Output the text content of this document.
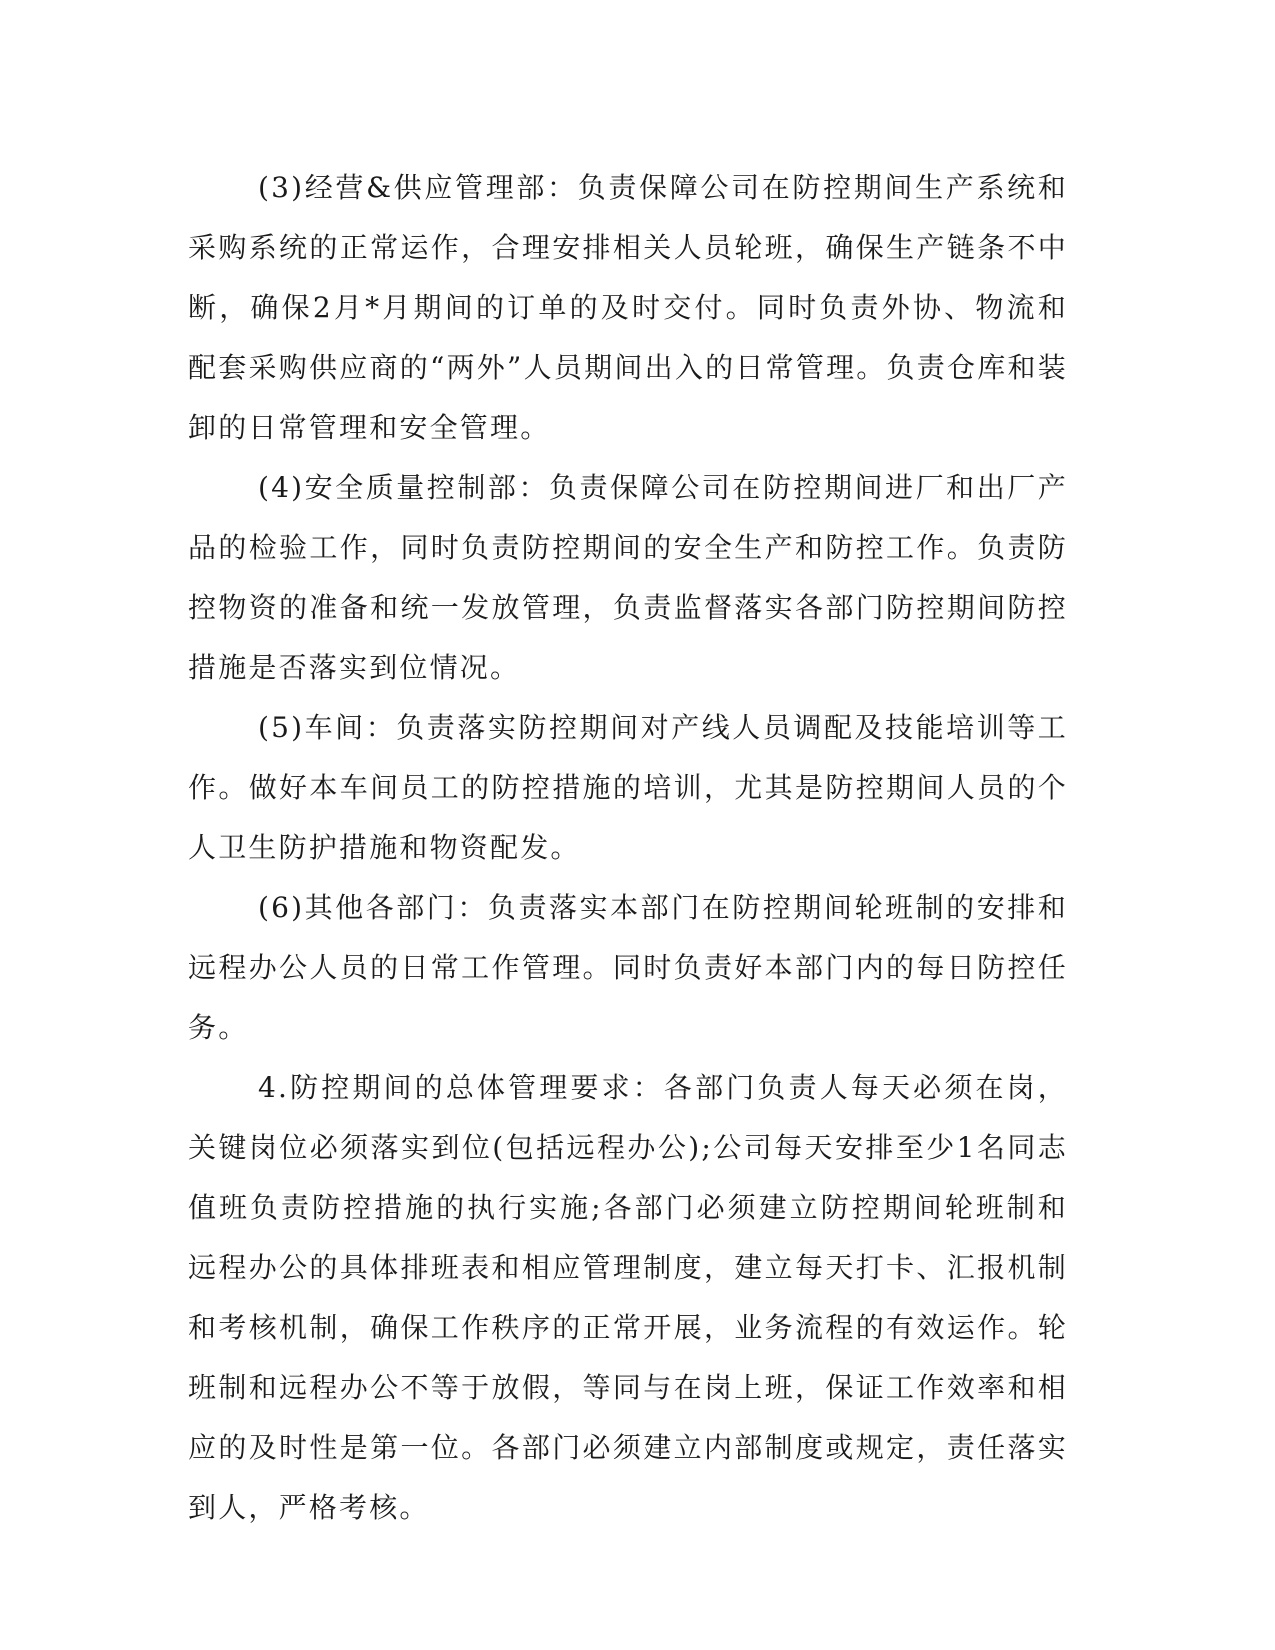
(3)经营&供应管理部：负责保障公司在防控期间生产系统和采购系统的正常运作，合理安排相关人员轮班，确保生产链条不中断，确保2月*月期间的订单的及时交付。同时负责外协、物流和配套采购供应商的“两外”人员期间出入的日常管理。负责仓库和装卸的日常管理和安全管理。

(4)安全质量控制部：负责保障公司在防控期间进厂和出厂产品的检验工作，同时负责防控期间的安全生产和防控工作。负责防控物资的准备和统一发放管理，负责监督落实各部门防控期间防控措施是否落实到位情况。

(5)车间：负责落实防控期间对产线人员调配及技能培训等工作。做好本车间员工的防控措施的培训，尤其是防控期间人员的个人卫生防护措施和物资配发。

(6)其他各部门：负责落实本部门在防控期间轮班制的安排和远程办公人员的日常工作管理。同时负责好本部门内的每日防控任务。

4.防控期间的总体管理要求：各部门负责人每天必须在岗，关键岗位必须落实到位(包括远程办公);公司每天安排至少1名同志值班负责防控措施的执行实施;各部门必须建立防控期间轮班制和远程办公的具体排班表和相应管理制度，建立每天打卡、汇报机制和考核机制，确保工作秩序的正常开展，业务流程的有效运作。轮班制和远程办公不等于放假，等同与在岗上班，保证工作效率和相应的及时性是第一位。各部门必须建立内部制度或规定，责任落实到人，严格考核。
